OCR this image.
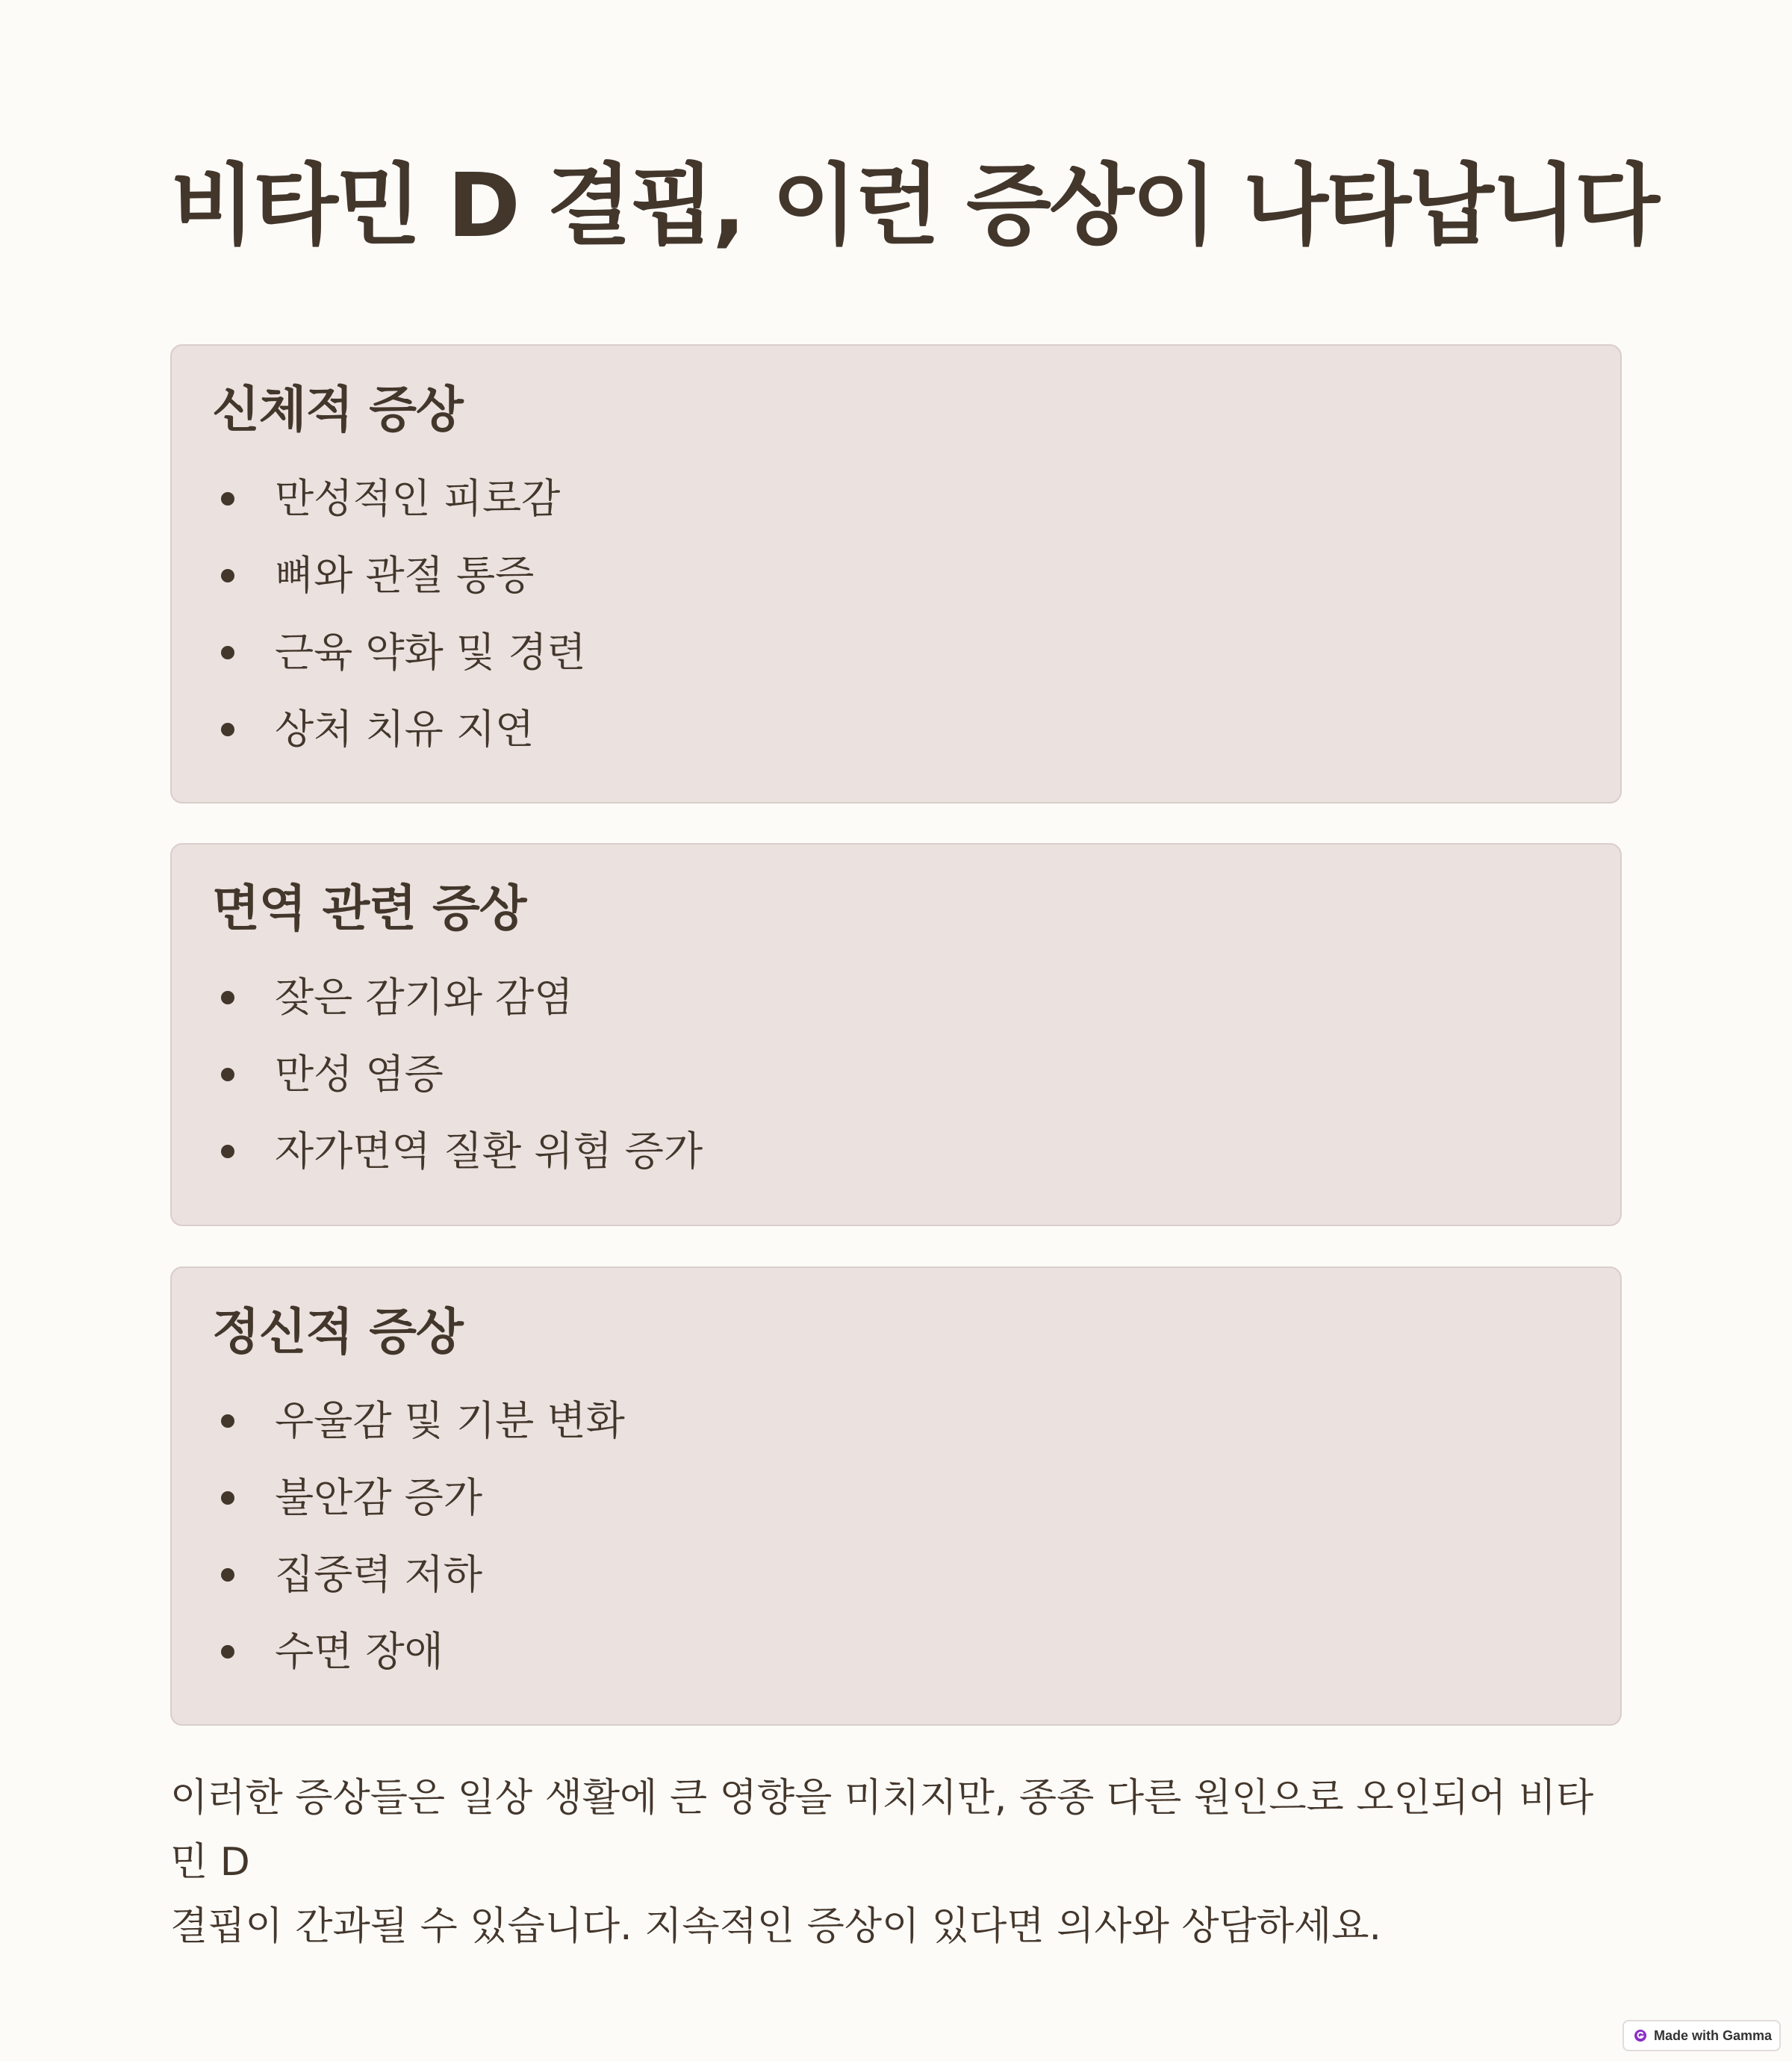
비타민 D 결핍, 이런 증상이 나타납니다
신체적 증상
만성적인 피로감
뼈와 관절 통증
근육 약화 및 경련
상처 치유 지연
면역 관련 증상
잦은 감기와 감염
만성 염증
자가면역 질환 위험 증가
정신적 증상
우울감 및 기분 변화
불안감 증가
집중력 저하
수면 장애

이러한 증상들은 일상 생활에 큰 영향을 미치지만, 종종 다른 원인으로 오인되어 비타민 D
결핍이 간과될 수 있습니다. 지속적인 증상이 있다면 의사와 상담하세요.

Made with Gamma
